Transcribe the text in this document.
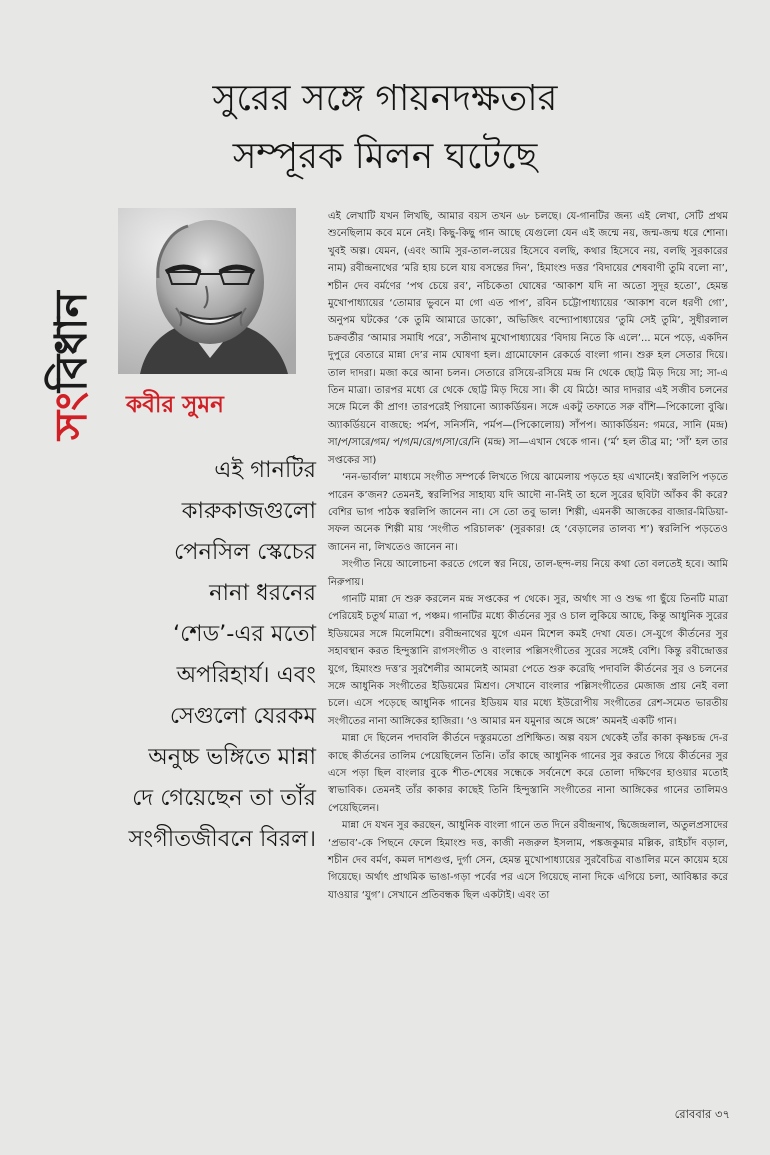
সুরের সঙ্গে গায়নদক্ষতার
সম্পূরক মিলন ঘটেছে
সংবিধান
কবীর সুমন
এই গানটির
কারুকাজগুলো
পেনসিল স্কেচের
নানা ধরনের
‘শেড’-এর মতো
অপরিহার্য। এবং
সেগুলো যেরকম
অনুচ্চ ভঙ্গিতে মান্না
দে গেয়েছেন তা তাঁর
সংগীতজীবনে বিরল।

এই লেখাটি যখন লিখছি, আমার বয়স তখন ৬৮ চলছে। যে-গানটির জন্য এই লেখা, সেটি প্রথম শুনেছিলাম কবে মনে নেই। কিছু-কিছু গান আছে যেগুলো যেন এই জন্মে নয়, জন্ম-জন্ম ধরে শোনা। খুবই অল্প। যেমন, (এবং আমি সুর-তাল-লয়ের হিসেবে বলছি, কথার হিসেবে নয়, বলছি সুরকারের নাম) রবীন্দ্রনাথের ‘মরি হায় চলে যায় বসন্তের দিন’, হিমাংশু দত্তর ‘বিদায়ের শেষবাণী তুমি বলো না’, শচীন দেব বর্মণের ‘পথ চেয়ে রব’, নচিকেতা ঘোষের ‘আকাশ যদি না অতো সুদূর হতো’, হেমন্ত মুখোপাধ্যায়ের ‘তোমার ভুবনে মা গো এত পাপ’, রবিন চট্টোপাধ্যায়ের ‘আকাশ বলে ধরণী গো’, অনুপম ঘটকের ‘কে তুমি আমারে ডাকো’, অভিজিৎ বন্দ্যোপাধ্যায়ের ‘তুমি সেই তুমি’, সুধীরলাল চক্রবর্তীর ‘আমার সমাধি পরে’, সতীনাথ মুখোপাধ্যায়ের ‘বিদায় নিতে কি এলে’... মনে পড়ে, একদিন দুপুরে বেতারে মান্না দে’র নাম ঘোষণা হল। গ্রামোফোন রেকর্ডে বাংলা গান। শুরু হল সেতার দিয়ে। তাল দাদরা। মজা করে আনা চলন। সেতারে রসিয়ে-রসিয়ে মন্দ্র নি থেকে ছোট্ট মিড় দিয়ে সা; সা-এ তিন মাত্রা। তারপর মধ্যে রে থেকে ছোট্ট মিড় দিয়ে সা। কী যে মিঠে! আর দাদরার এই সজীব চলনের সঙ্গে মিলে কী প্রাণ! তারপরেই পিয়ানো অ্যাকর্ডিয়ন। সঙ্গে একটু তফাতে সরু বাঁশি—পিকোলো বুঝি। অ্যাকর্ডিয়নে বাজছে: পর্মপ, সনির্সনি, পর্মপ—(পিকোলোয়) সাঁপপ। অ্যাকর্ডিয়ন: গমরে, সানি (মন্দ্র) সা/প/সারে/গম/ প/গ/ম/রে/গ/সা/রে/নি (মন্দ্র) সা—এখান থেকে গান। (‘র্ম’ হল তীব্র মা; ‘সাঁ’ হল তার সপ্তকের সা)

‘নন-ভার্বাল’ মাধ্যমে সংগীত সম্পর্কে লিখতে গিয়ে ঝামেলায় পড়তে হয় এখানেই। স্বরলিপি পড়তে পারেন ক’জন? তেমনই, স্বরলিপির সাহায্য যদি আদৌ না-নিই তা হলে সুরের ছবিটা আঁকব কী করে? বেশির ভাগ পাঠক স্বরলিপি জানেন না। সে তো তবু ভাল! শিল্পী, এমনকী আজকের বাজার-মিডিয়া-সফল অনেক শিল্পী মায় ‘সংগীত পরিচালক’ (সুরকার! হে ‘বেড়ালের তালব্য শ’) স্বরলিপি পড়তেও জানেন না, লিখতেও জানেন না।

সংগীত নিয়ে আলোচনা করতে গেলে স্বর নিয়ে, তাল-ছন্দ-লয় নিয়ে কথা তো বলতেই হবে। আমি নিরুপায়।

গানটি মান্না দে শুরু করলেন মন্দ্র সপ্তকের প থেকে। সুর, অর্থাৎ সা ও শুদ্ধ গা ছুঁয়ে তিনটি মাত্রা পেরিয়েই চতুর্থ মাত্রা প, পঞ্চম। গানটির মধ্যে কীর্তনের সুর ও চাল লুকিয়ে আছে, কিন্তু আধুনিক সুরের ইডিয়মের সঙ্গে মিলেমিশে। রবীন্দ্রনাথের যুগে এমন মিশেল কমই দেখা যেত। সে-যুগে কীর্তনের সুর সহাবস্থান করত হিন্দুস্তানি রাগসংগীত ও বাংলার পল্লিসংগীতের সুরের সঙ্গেই বেশি। কিন্তু রবীন্দ্রোত্তর যুগে, হিমাংশু দত্ত’র সুরশৈলীর আমলেই আমরা পেতে শুরু করেছি পদাবলি কীর্তনের সুর ও চলনের সঙ্গে আধুনিক সংগীতের ইডিয়মের মিশ্রণ। সেখানে বাংলার পল্লিসংগীতের মেজাজ প্রায় নেই বলা চলে। এসে পড়েছে আধুনিক গানের ইডিয়ম যার মধ্যে ইউরোপীয় সংগীতের রেশ-সমেত ভারতীয় সংগীতের নানা আঙ্গিকের হাজিরা। ‘ও আমার মন যমুনার অঙ্গে অঙ্গে’ অমনই একটি গান।

মান্না দে ছিলেন পদাবলি কীর্তনে দস্তুরমতো প্রশিক্ষিত। অল্প বয়স থেকেই তাঁর কাকা কৃষ্ণচন্দ্র দে-র কাছে কীর্তনের তালিম পেয়েছিলেন তিনি। তাঁর কাছে আধুনিক গানের সুর করতে গিয়ে কীর্তনের সুর এসে পড়া ছিল বাংলার বুকে শীত-শেষের সন্ধেকে সর্বনেশে করে তোলা দক্ষিণের হাওয়ার মতোই স্বাভাবিক। তেমনই তাঁর কাকার কাছেই তিনি হিন্দুস্তানি সংগীতের নানা আঙ্গিকের গানের তালিমও পেয়েছিলেন।

মান্না দে যখন সুর করছেন, আধুনিক বাংলা গানে তত দিনে রবীন্দ্রনাথ, দ্বিজেন্দ্রলাল, অতুলপ্রসাদের ‘প্রভাব’-কে পিছনে ফেলে হিমাংশু দত্ত, কাজী নজরুল ইসলাম, পঙ্কজকুমার মল্লিক, রাইচাঁদ বড়াল, শচীন দেব বর্মণ, কমল দাশগুপ্ত, দুর্গা সেন, হেমন্ত মুখোপাধ্যায়ের সুরবৈচিত্র বাঙালির মনে কায়েম হয়ে গিয়েছে। অর্থাৎ প্রাথমিক ভাঙা-গড়া পর্বের পর এসে গিয়েছে নানা দিকে এগিয়ে চলা, আবিষ্কার করে যাওয়ার ‘যুগ’। সেখানে প্রতিবন্ধক ছিল একটাই। এবং তা

রোববার ৩৭
